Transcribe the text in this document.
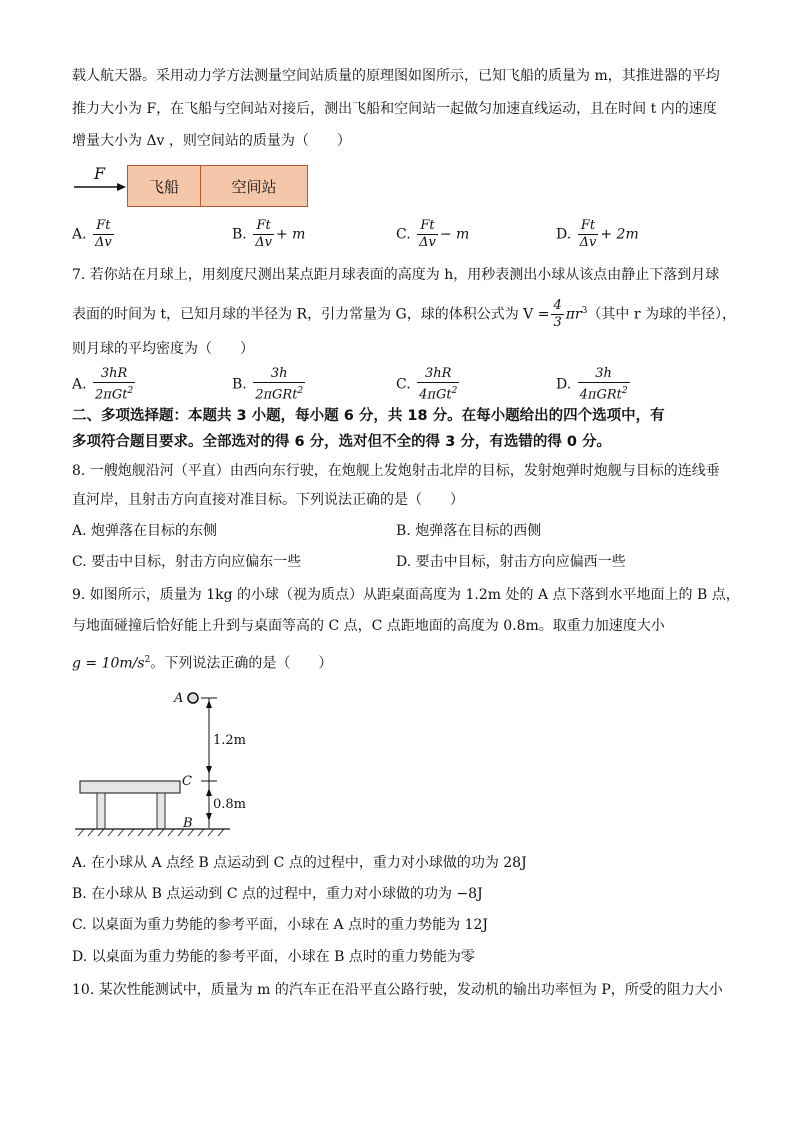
载人航天器。采用动力学方法测量空间站质量的原理图如图所示，已知飞船的质量为 m，其推进器的平均
推力大小为 F，在飞船与空间站对接后，测出飞船和空间站一起做匀加速直线运动，且在时间 t 内的速度
增量大小为 Δv ，则空间站的质量为（　　）
F
飞船	空间站
A. $\frac{Ft}{\Delta v}$	B. $\frac{Ft}{\Delta v} + m$	C. $\frac{Ft}{\Delta v} - m$	D. $\frac{Ft}{\Delta v} + 2m$
7. 若你站在月球上，用刻度尺测出某点距月球表面的高度为 h，用秒表测出小球从该点由静止下落到月球
表面的时间为 t，已知月球的半径为 R，引力常量为 G，球的体积公式为 $V = \frac{4}{3} \pi r^3$（其中 r 为球的半径），
则月球的平均密度为（　　）
A. $\frac{3hR}{2\pi Gt^2}$	B. $\frac{3h}{2\pi GRt^2}$	C. $\frac{3hR}{4\pi Gt^2}$	D. $\frac{3h}{4\pi GRt^2}$
二、多项选择题：本题共 3 小题，每小题 6 分，共 18 分。在每小题给出的四个选项中，有
多项符合题目要求。全部选对的得 6 分，选对但不全的得 3 分，有选错的得 0 分。
8. 一艘炮舰沿河（平直）由西向东行驶，在炮舰上发炮射击北岸的目标，发射炮弹时炮舰与目标的连线垂
直河岸，且射击方向直接对准目标。下列说法正确的是（　　）
A. 炮弹落在目标的东侧	B. 炮弹落在目标的西侧
C. 要击中目标，射击方向应偏东一些	D. 要击中目标，射击方向应偏西一些
9. 如图所示，质量为 1kg 的小球（视为质点）从距桌面高度为 1.2m 处的 A 点下落到水平地面上的 B 点，
与地面碰撞后恰好能上升到与桌面等高的 C 点，C 点距地面的高度为 0.8m。取重力加速度大小
$g = 10m/s^2$。下列说法正确的是（　　）
A
C
B
1.2m
0.8m
A. 在小球从 A 点经 B 点运动到 C 点的过程中，重力对小球做的功为 28J
B. 在小球从 B 点运动到 C 点的过程中，重力对小球做的功为 −8J
C. 以桌面为重力势能的参考平面，小球在 A 点时的重力势能为 12J
D. 以桌面为重力势能的参考平面，小球在 B 点时的重力势能为零
10. 某次性能测试中，质量为 m 的汽车正在沿平直公路行驶，发动机的输出功率恒为 P，所受的阻力大小
